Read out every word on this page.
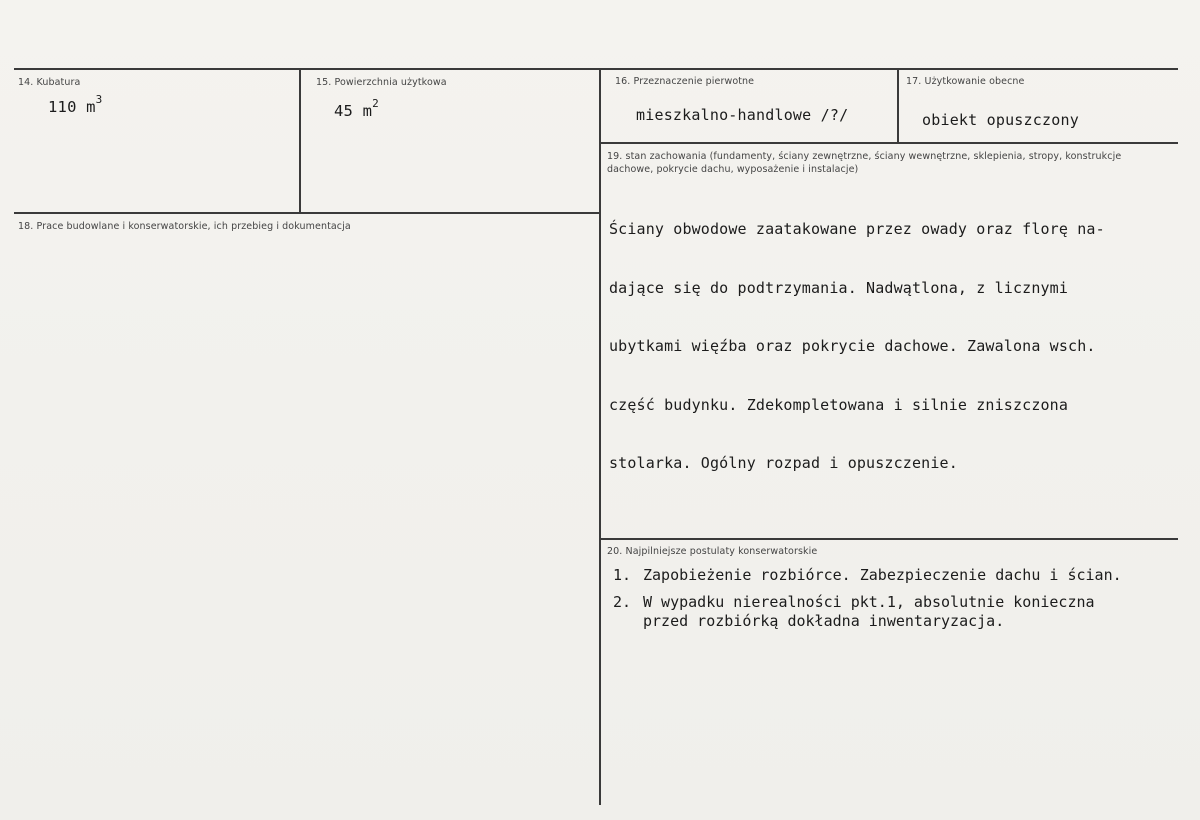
14. Kubatura
110 $m^3$
15. Powierzchnia użytkowa
45 $m^2$
16. Przeznaczenie pierwotne
mieszkalno-handlowe /?/
17. Użytkowanie obecne
obiekt opuszczony
18. Prace budowlane i konserwatorskie, ich przebieg i dokumentacja
19. stan zachowania (fundamenty, ściany zewnętrzne, ściany wewnętrzne, sklepienia, stropy, konstrukcje dachowe, pokrycie dachu, wyposażenie i instalacje)

Ściany obwodowe zaatakowane przez owady oraz florę na-

dające się do podtrzymania. Nadwątlona, z licznymi

ubytkami więźba oraz pokrycie dachowe. Zawalona wsch.

część budynku. Zdekompletowana i silnie zniszczona

stolarka. Ogólny rozpad i opuszczenie.

20. Najpilniejsze postulaty konserwatorskie
1. Zapobieżenie rozbiórce. Zabezpieczenie dachu i ścian.
2. W wypadku nierealności pkt.1, absolutnie konieczna
przed rozbiórką dokładna inwentaryzacja.
